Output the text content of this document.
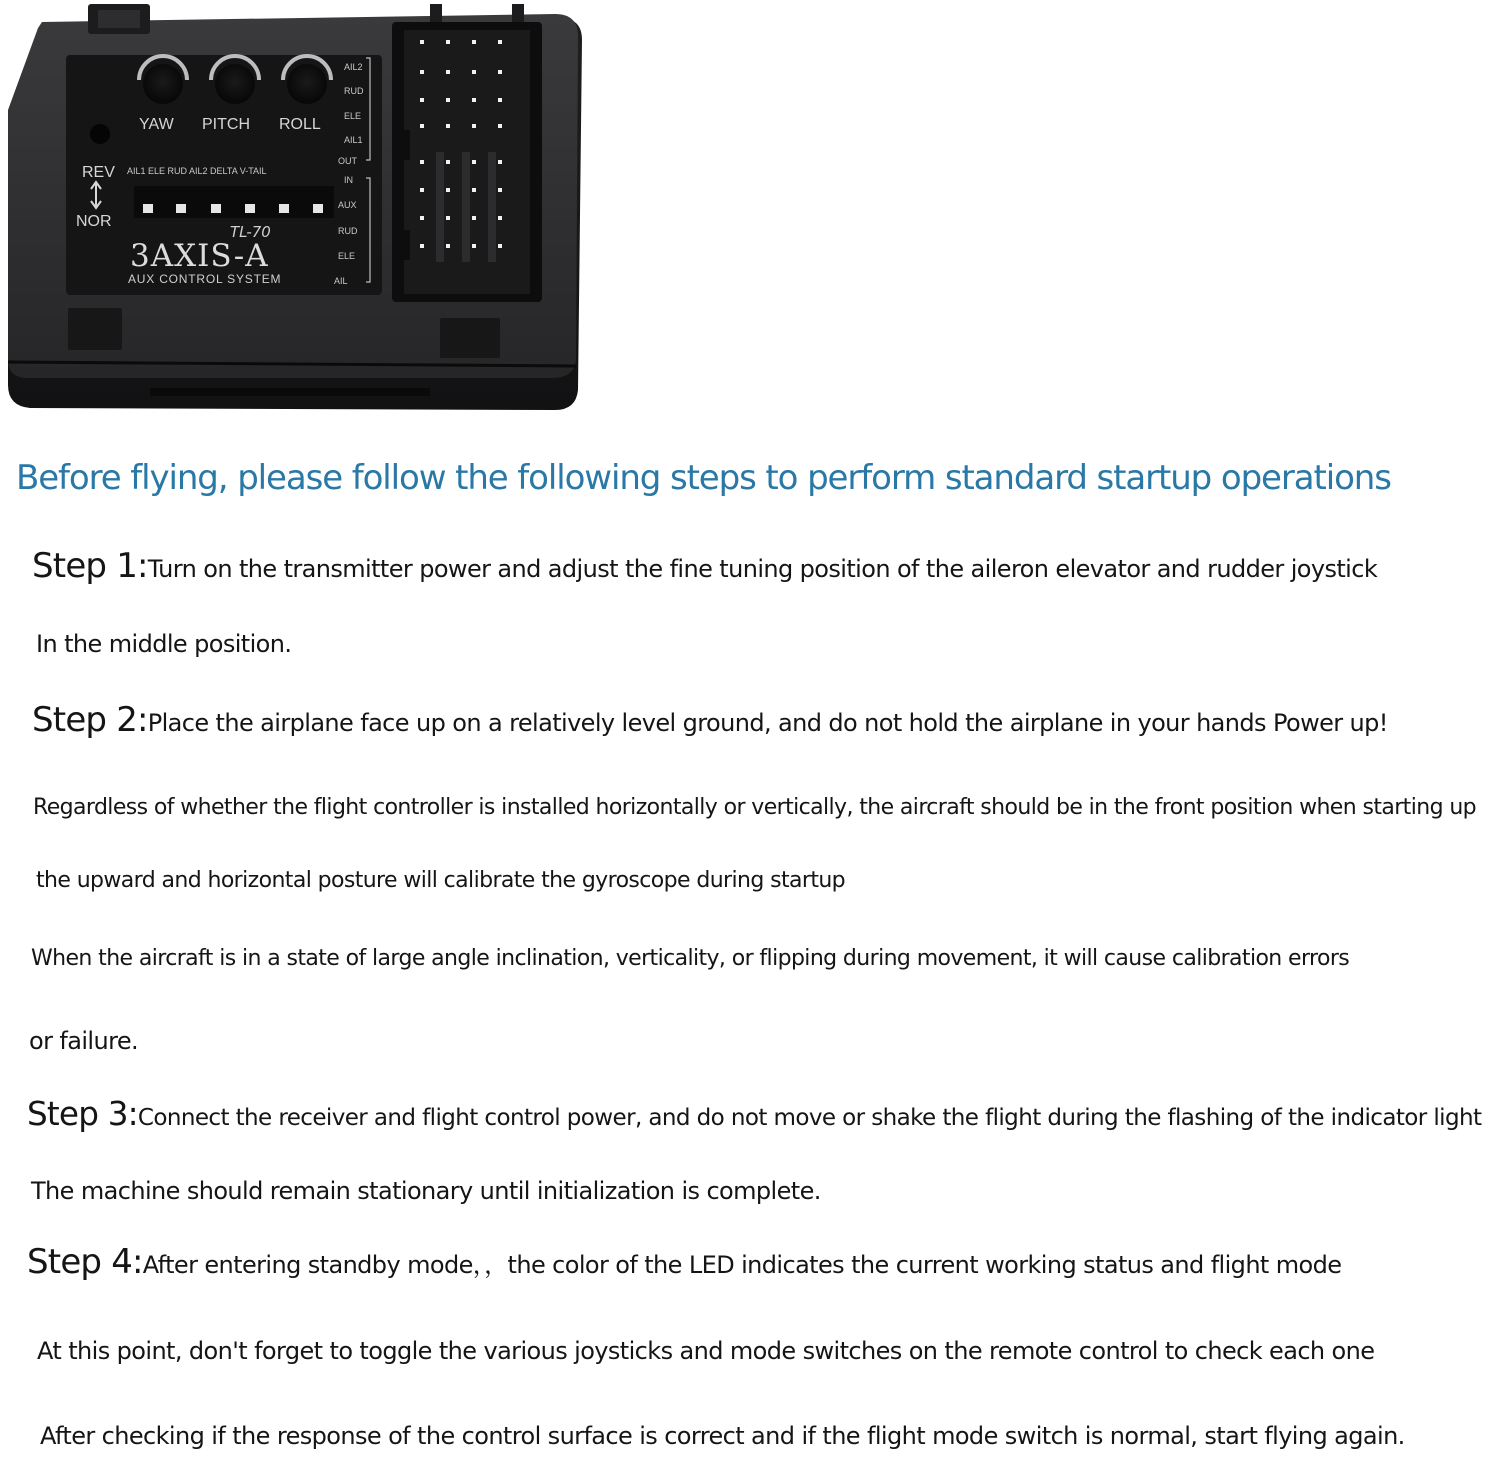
YAW PITCH ROLL
REV AIL1 ELE RUD AIL2 DELTA V-TAIL
NOR
TL-70
3AXIS-A
AUX CONTROL SYSTEM
AIL2
RUD
ELE
AIL1
OUT
IN
AUX
RUD
ELE
AIL
Before flying, please follow the following steps to perform standard startup operations

Step 1:Turn on the transmitter power and adjust the fine tuning position of the aileron elevator and rudder joystick

In the middle position.

Step 2:Place the airplane face up on a relatively level ground, and do not hold the airplane in your hands Power up!

Regardless of whether the flight controller is installed horizontally or vertically, the aircraft should be in the front position when starting up

the upward and horizontal posture will calibrate the gyroscope during startup

When the aircraft is in a state of large angle inclination, verticality, or flipping during movement, it will cause calibration errors

or failure.

Step 3:Connect the receiver and flight control power, and do not move or shake the flight during the flashing of the indicator light

The machine should remain stationary until initialization is complete.

Step 4:After entering standby mode，，the color of the LED indicates the current working status and flight mode

At this point, don't forget to toggle the various joysticks and mode switches on the remote control to check each one

After checking if the response of the control surface is correct and if the flight mode switch is normal, start flying again.
